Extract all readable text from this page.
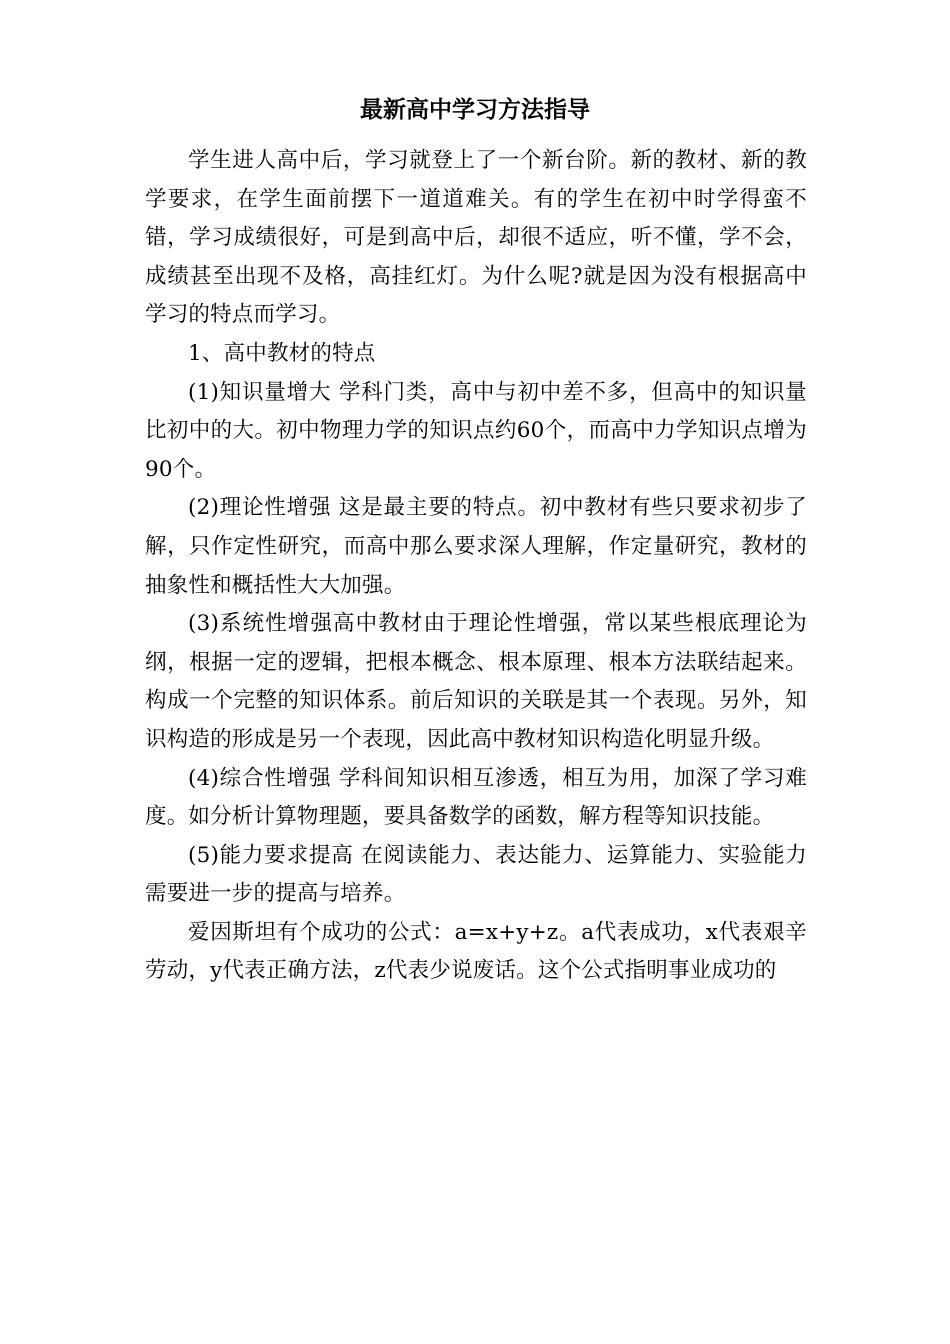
最新高中学习方法指导

学生进人高中后，学习就登上了一个新台阶。新的教材、新的教学要求，在学生面前摆下一道道难关。有的学生在初中时学得蛮不错，学习成绩很好，可是到高中后，却很不适应，听不懂，学不会，成绩甚至出现不及格，高挂红灯。为什么呢?就是因为没有根据高中学习的特点而学习。

1、高中教材的特点

(1)知识量增大 学科门类，高中与初中差不多，但高中的知识量比初中的大。初中物理力学的知识点约60个，而高中力学知识点增为90个。

(2)理论性增强 这是最主要的特点。初中教材有些只要求初步了解，只作定性研究，而高中那么要求深人理解，作定量研究，教材的抽象性和概括性大大加强。

(3)系统性增强高中教材由于理论性增强，常以某些根底理论为纲，根据一定的逻辑，把根本概念、根本原理、根本方法联结起来。构成一个完整的知识体系。前后知识的关联是其一个表现。另外，知识构造的形成是另一个表现，因此高中教材知识构造化明显升级。

(4)综合性增强 学科间知识相互渗透，相互为用，加深了学习难度。如分析计算物理题，要具备数学的函数，解方程等知识技能。

(5)能力要求提高 在阅读能力、表达能力、运算能力、实验能力需要进一步的提高与培养。

爱因斯坦有个成功的公式：a=x+y+z。a代表成功，x代表艰辛劳动，y代表正确方法，z代表少说废话。这个公式指明事业成功的
